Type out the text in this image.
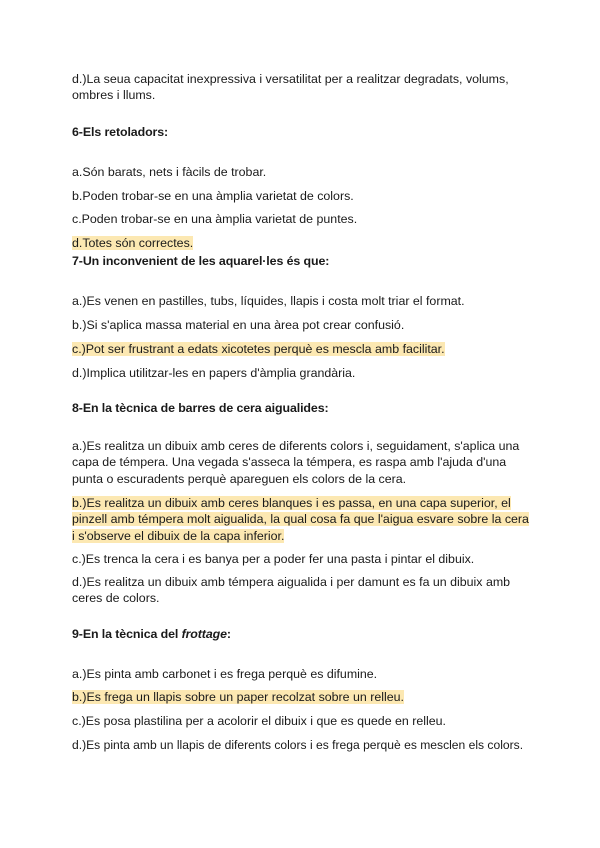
d.)La seua capacitat inexpressiva i versatilitat per a realitzar degradats, volums, ombres i llums.
6-Els retoladors:
a.Són barats, nets i fàcils de trobar.
b.Poden trobar-se en una àmplia varietat de colors.
c.Poden trobar-se en una àmplia varietat de puntes.
d.Totes són correctes.
7-Un inconvenient de les aquarel·les és que:
a.)Es venen en pastilles, tubs, líquides, llapis i costa molt triar el format.
b.)Si s'aplica massa material en una àrea pot crear confusió.
c.)Pot ser frustrant a edats xicotetes perquè es mescla amb facilitar.
d.)Implica utilitzar-les en papers d'àmplia grandària.
8-En la tècnica de barres de cera aigualides:
a.)Es realitza un dibuix amb ceres de diferents colors i, seguidament, s'aplica una capa de témpera. Una vegada s'asseca la témpera, es raspa amb l'ajuda d'una punta o escuradents perquè apareguen els colors de la cera.
b.)Es realitza un dibuix amb ceres blanques i es passa, en una capa superior, el pinzell amb témpera molt aigualida, la qual cosa fa que l'aigua esvare sobre la cera i s'observe el dibuix de la capa inferior.
c.)Es trenca la cera i es banya per a poder fer una pasta i pintar el dibuix.
d.)Es realitza un dibuix amb témpera aigualida i per damunt es fa un dibuix amb ceres de colors.
9-En la tècnica del frottage:
a.)Es pinta amb carbonet i es frega perquè es difumine.
b.)Es frega un llapis sobre un paper recolzat sobre un relleu.
c.)Es posa plastilina per a acolorir el dibuix i que es quede en relleu.
d.)Es pinta amb un llapis de diferents colors i es frega perquè es mesclen els colors.
